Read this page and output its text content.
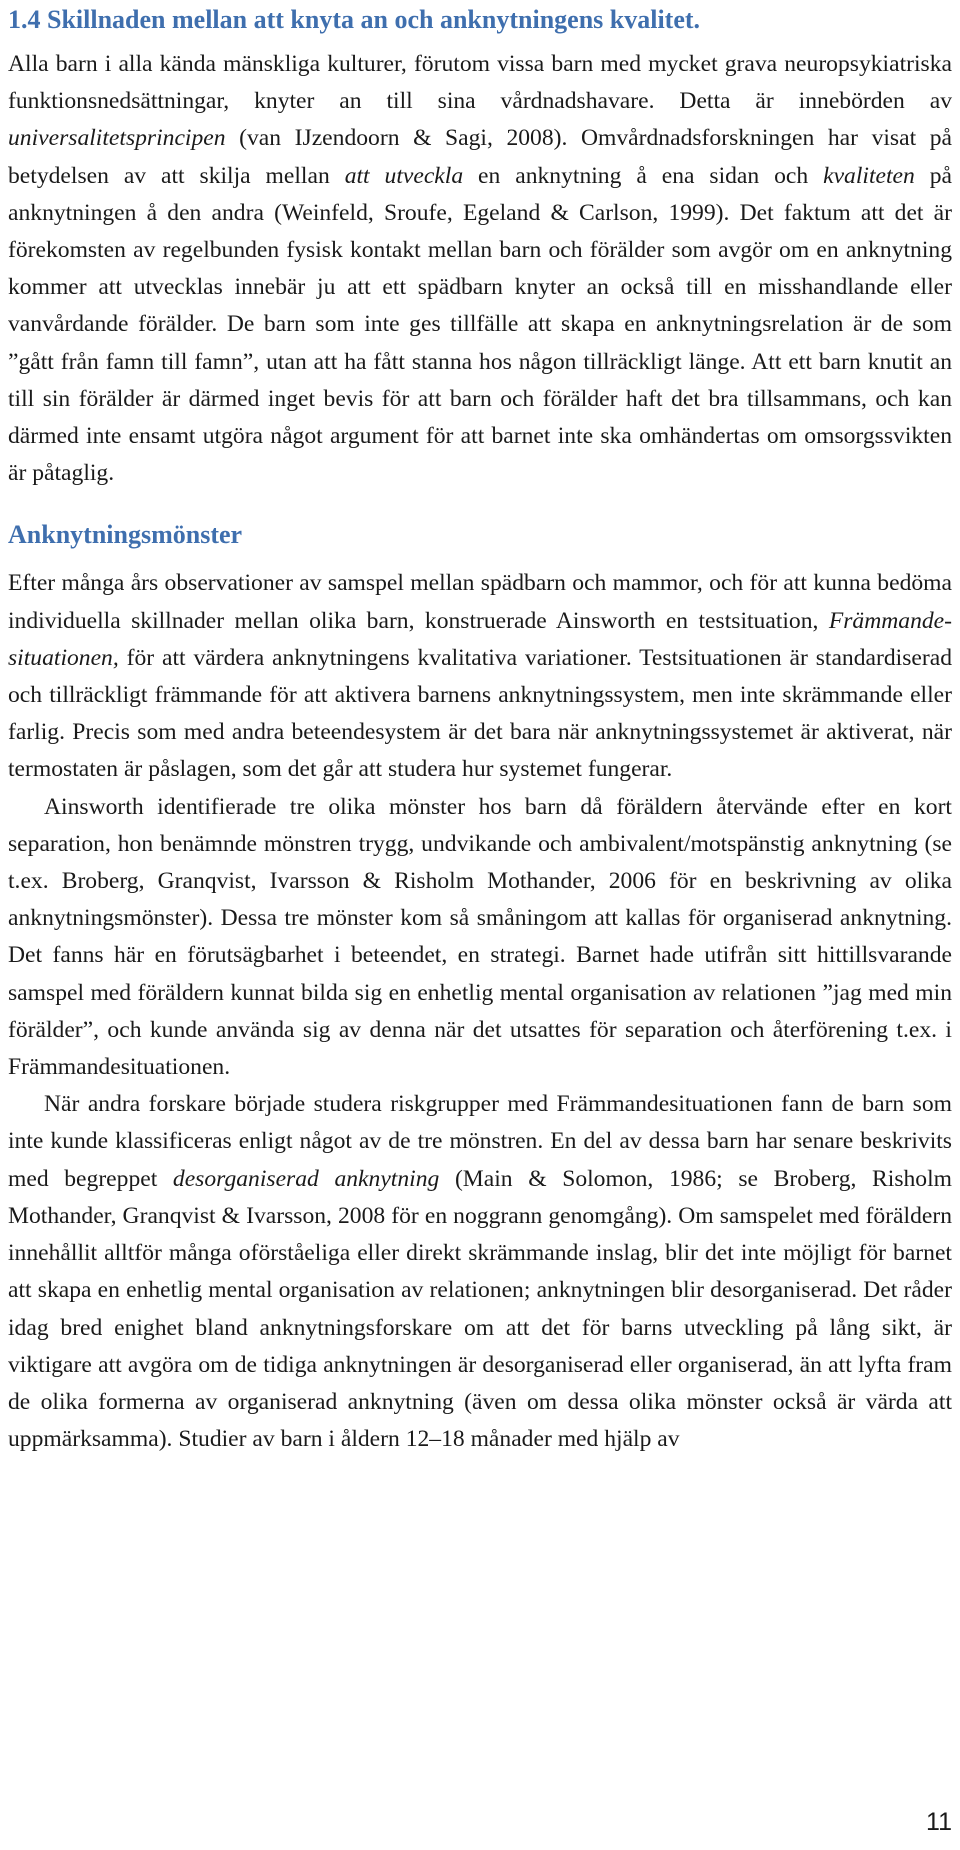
1.4 Skillnaden mellan att knyta an och anknytningens kvalitet.

Alla barn i alla kända mänskliga kulturer, förutom vissa barn med mycket grava neuropsykiatriska funktionsnedsättningar, knyter an till sina vårdnadshavare. Detta är innebörden av universalitetsprincipen (van IJzendoorn & Sagi, 2008). Omvårdnadsforskningen har visat på betydelsen av att skilja mellan att utveckla en anknytning å ena sidan och kvaliteten på anknytningen å den andra (Weinfeld, Sroufe, Egeland & Carlson, 1999). Det faktum att det är förekomsten av regelbunden fysisk kontakt mellan barn och förälder som avgör om en anknytning kommer att utvecklas innebär ju att ett spädbarn knyter an också till en misshandlande eller vanvårdande förälder. De barn som inte ges tillfälle att skapa en anknytningsrelation är de som ”gått från famn till famn”, utan att ha fått stanna hos någon tillräckligt länge. Att ett barn knutit an till sin förälder är därmed inget bevis för att barn och förälder haft det bra tillsammans, och kan därmed inte ensamt utgöra något argument för att barnet inte ska omhändertas om omsorgssvikten är påtaglig.

Anknytningsmönster

Efter många års observationer av samspel mellan spädbarn och mammor, och för att kunna bedöma individuella skillnader mellan olika barn, konstruerade Ainsworth en testsituation, Främmande-situationen, för att värdera anknytningens kvalitativa variationer. Testsituationen är standardiserad och tillräckligt främmande för att aktivera barnens anknytningssystem, men inte skrämmande eller farlig. Precis som med andra beteendesystem är det bara när anknytningssystemet är aktiverat, när termostaten är påslagen, som det går att studera hur systemet fungerar.

Ainsworth identifierade tre olika mönster hos barn då föräldern återvände efter en kort separation, hon benämnde mönstren trygg, undvikande och ambivalent/motspänstig anknytning (se t.ex. Broberg, Granqvist, Ivarsson & Risholm Mothander, 2006 för en beskrivning av olika anknytningsmönster). Dessa tre mönster kom så småningom att kallas för organiserad anknytning. Det fanns här en förutsägbarhet i beteendet, en strategi. Barnet hade utifrån sitt hittillsvarande samspel med föräldern kunnat bilda sig en enhetlig mental organisation av relationen ”jag med min förälder”, och kunde använda sig av denna när det utsattes för separation och återförening t.ex. i Främmandesituationen.

När andra forskare började studera riskgrupper med Främmandesituationen fann de barn som inte kunde klassificeras enligt något av de tre mönstren. En del av dessa barn har senare beskrivits med begreppet desorganiserad anknytning (Main & Solomon, 1986; se Broberg, Risholm Mothander, Granqvist & Ivarsson, 2008 för en noggrann genomgång). Om samspelet med föräldern innehållit alltför många oförståeliga eller direkt skrämmande inslag, blir det inte möjligt för barnet att skapa en enhetlig mental organisation av relationen; anknytningen blir desorganiserad. Det råder idag bred enighet bland anknytningsforskare om att det för barns utveckling på lång sikt, är viktigare att avgöra om de tidiga anknytningen är desorganiserad eller organiserad, än att lyfta fram de olika formerna av organiserad anknytning (även om dessa olika mönster också är värda att uppmärksamma). Studier av barn i åldern 12–18 månader med hjälp av

11
